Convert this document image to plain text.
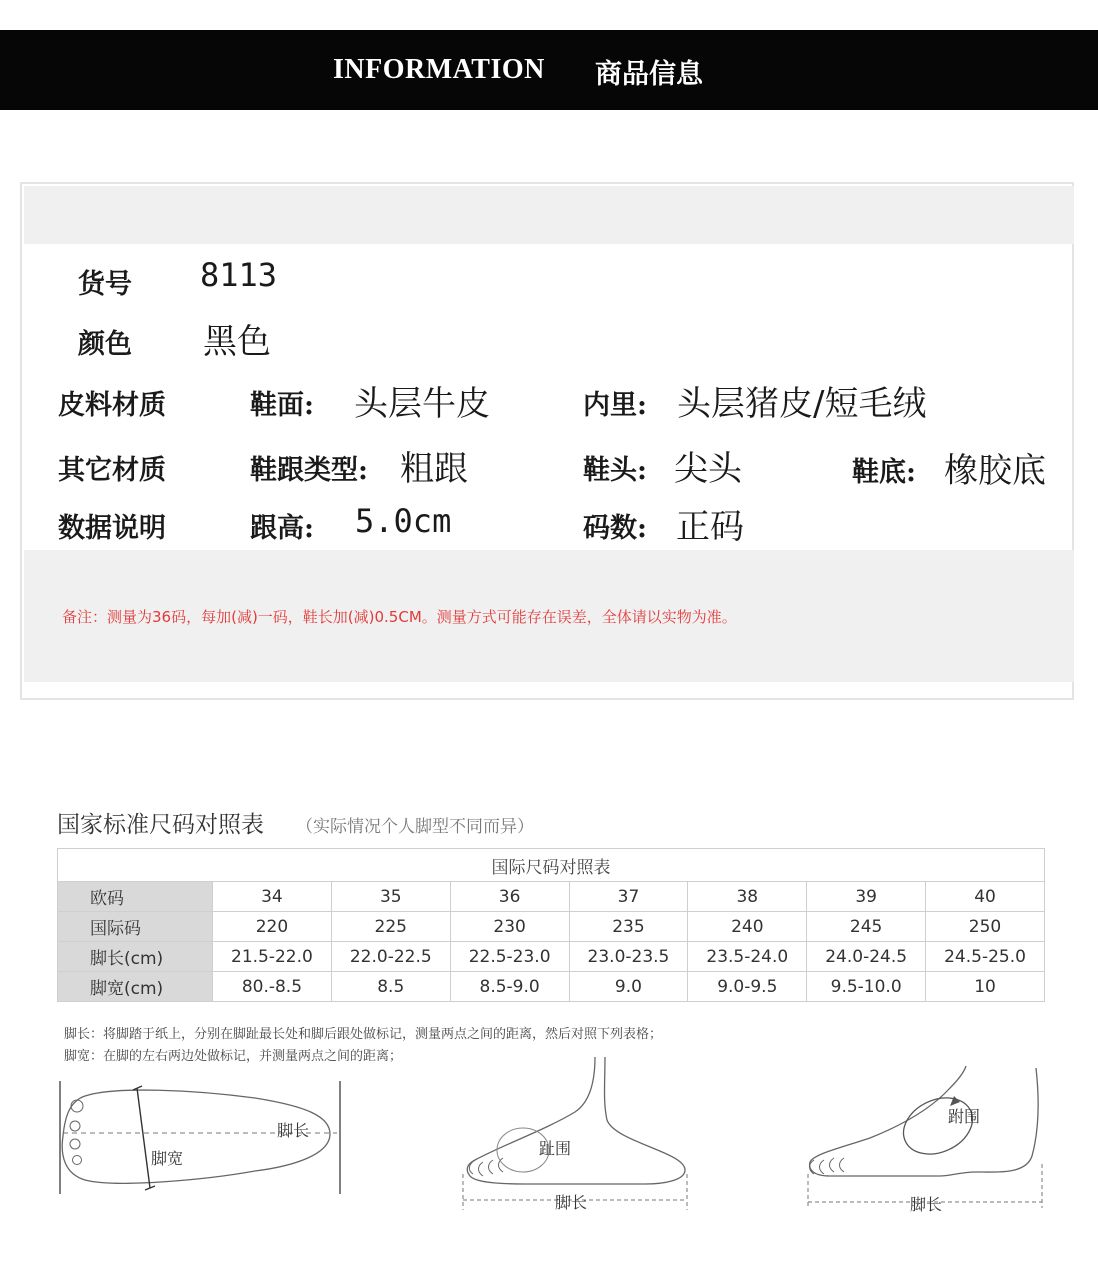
INFORMATION 商品信息
货号 8113
颜色 黑色
皮料材质	鞋面: 头层牛皮	内里: 头层猪皮/短毛绒
其它材质	鞋跟类型: 粗跟	鞋头: 尖头	鞋底: 橡胶底
数据说明	跟高: 5.0cm	码数: 正码
备注：测量为36码，每加(减)一码，鞋长加(减)0.5CM。测量方式可能存在误差，全体请以实物为准。
国家标准尺码对照表 （实际情况个人脚型不同而异）
国际尺码对照表							
欧码	34	35	36	37	38	39	40
国际码	220	225	230	235	240	245	250
脚长(cm)	21.5-22.0	22.0-22.5	22.5-23.0	23.0-23.5	23.5-24.0	24.0-24.5	24.5-25.0
脚宽(cm)	80.-8.5	8.5	8.5-9.0	9.0	9.0-9.5	9.5-10.0	10
脚长：将脚踏于纸上，分别在脚趾最长处和脚后跟处做标记，测量两点之间的距离，然后对照下列表格；
脚宽：在脚的左右两边处做标记，并测量两点之间的距离；
脚长
脚宽
趾围
脚长
跗围
脚长
